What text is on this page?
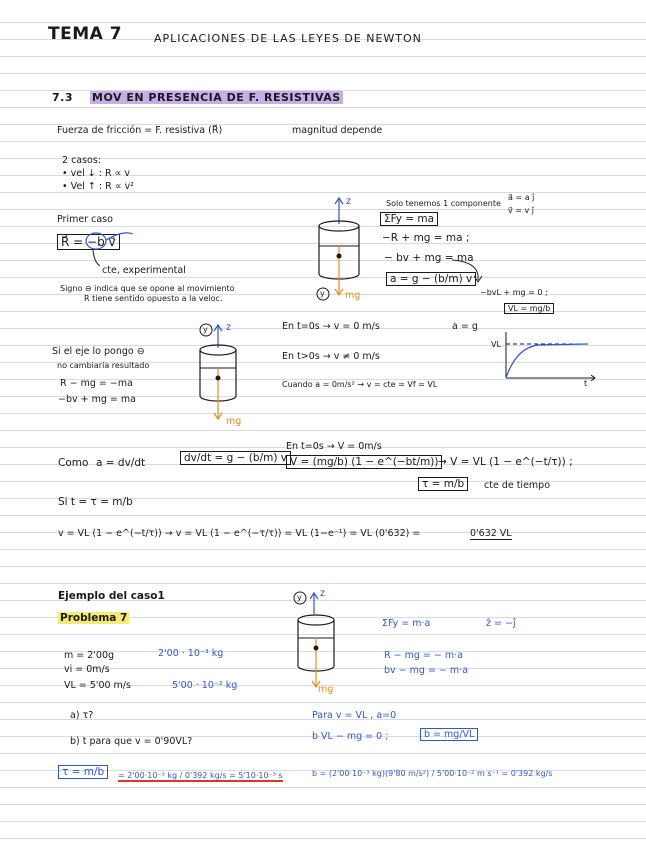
TEMA 7	APLICACIONES DE LAS LEYES DE NEWTON
7.3 MOV EN PRESENCIA DE F. RESISTIVAS
Fuerza de fricción = F. resistiva (R⃗)	magnitud depende
2 casos:
• vel ↓ : R ∝ v
• Vel ↑ : R ∝ v²
Primer caso
R⃗ = −b v⃗
cte, experimental
Signo ⊖ indica que se opone al movimiento
R tiene sentido opuesto a la veloc.
z
y mg
Solo tenemos 1 componente
a⃗ = a ĵ
v⃗ = v ĵ
ΣFy = ma
−R + mg = ma ;
− bv + mg = ma
a = g − (b/m) v
−bvL + mg = 0 ;
VL = mg/b
En t=0s → v = 0 m/s	a = g
En t>0s → v ≠ 0 m/s
Cuando a = 0m/s² → v = cte = Vf = VL
VL
t
y z
mg
Si el eje lo pongo ⊖
no cambiaría resultado
R − mg = −ma
−bv + mg = ma
En t=0s → V = 0m/s
Como a = dv/dt	dv/dt = g − (b/m) v V = (mg/b) (1 − e^(−bt/m)) → V = VL (1 − e^(−t/τ)) ;
τ = m/b	cte de tiempo
Si t = τ = m/b
v = VL (1 − e^(−t/τ)) → v = VL (1 − e^(−τ/τ)) = VL (1−e⁻¹) = VL (0'632) =	0'632 VL
Ejemplo del caso1
Problema 7
m = 2'00g	2'00 · 10⁻³ kg
vi = 0m/s
VL = 5'00 m/s	5'00 · 10⁻² kg
a) τ?
b) t para que v = 0'90VL?
τ = m/b	= 2'00·10⁻³ kg / 0'392 kg/s = 5'10·10⁻³ s
y z
mg
ΣFy = m·a	ẑ = −ĵ
R − mg = − m·a
bv − mg = − m·a
Para v = VL , a=0
b VL − mg = 0 ;	b = mg/VL
b = (2'00·10⁻³ kg)(9'80 m/s²) / 5'00·10⁻² m s⁻¹ = 0'392 kg/s
